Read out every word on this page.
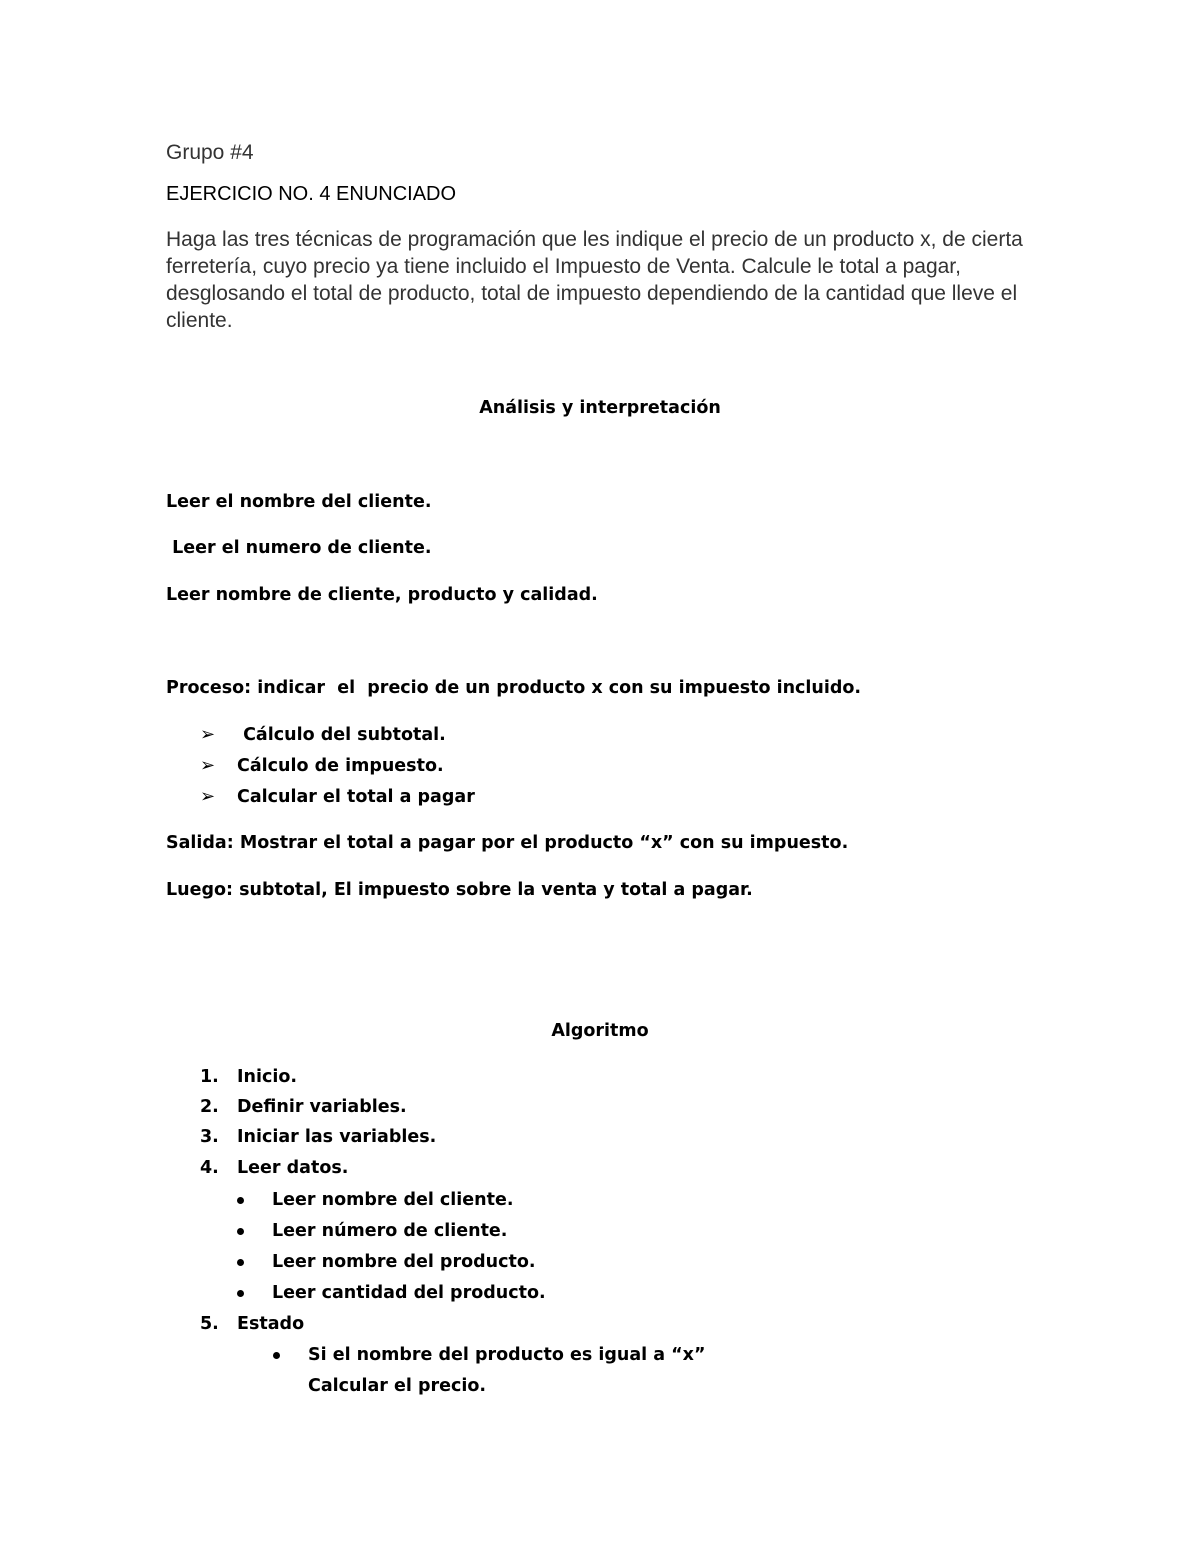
Grupo #4
EJERCICIO NO. 4 ENUNCIADO
Haga las tres técnicas de programación que les indique el precio de un producto x, de cierta ferretería, cuyo precio ya tiene incluido el Impuesto de Venta. Calcule le total a pagar, desglosando el total de producto, total de impuesto dependiendo de la cantidad que lleve el cliente.
Análisis y interpretación
Leer el nombre del cliente.
Leer el numero de cliente.
Leer nombre de cliente, producto y calidad.
Proceso: indicar  el  precio de un producto x con su impuesto incluido.
➢	Cálculo del subtotal.
➢	Cálculo de impuesto.
➢	Calcular el total a pagar
Salida: Mostrar el total a pagar por el producto “x” con su impuesto.
Luego: subtotal, El impuesto sobre la venta y total a pagar.
Algoritmo
1. Inicio.
2. Definir variables.
3. Iniciar las variables.
4. Leer datos.
Leer nombre del cliente.
Leer número de cliente.
Leer nombre del producto.
Leer cantidad del producto.
5. Estado
Si el nombre del producto es igual a “x”
Calcular el precio.
